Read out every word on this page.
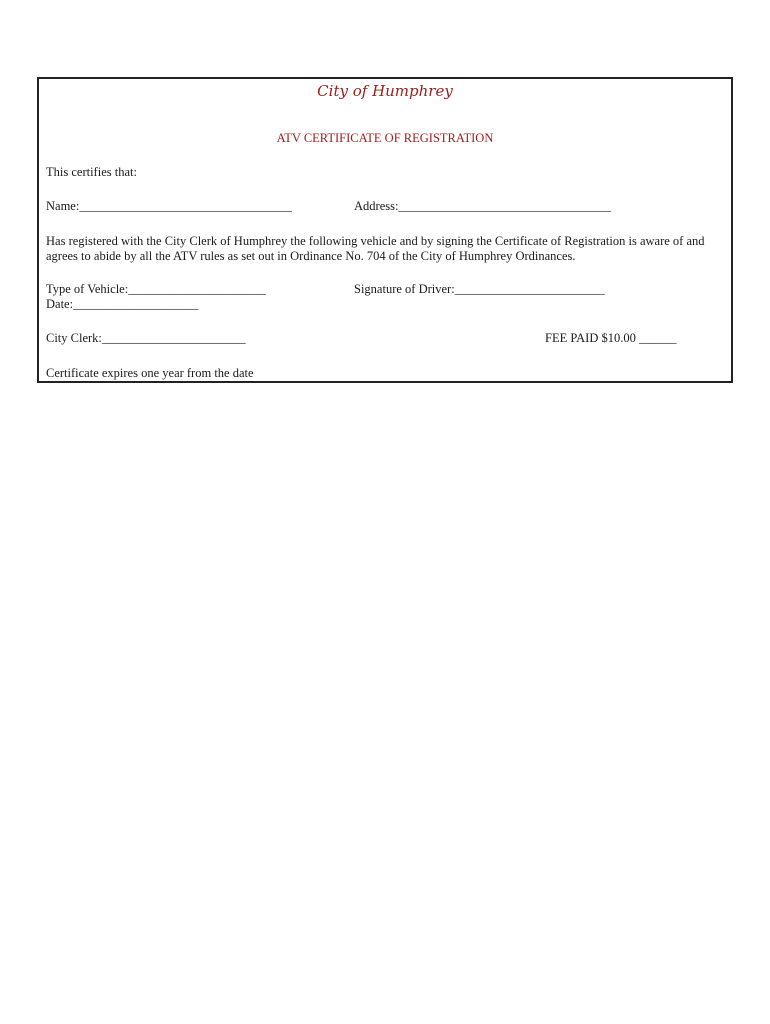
City of Humphrey
ATV CERTIFICATE OF REGISTRATION
This certifies that:
Name:__________________________________	Address:__________________________________
Has registered with the City Clerk of Humphrey the following vehicle and by signing the Certificate of Registration is aware of and agrees to abide by all the ATV rules as set out in Ordinance No. 704 of the City of Humphrey Ordinances.
Type of Vehicle:______________________	Signature of Driver:________________________
Date:____________________
City Clerk:_______________________	FEE PAID $10.00 ______
Certificate expires one year from the date
